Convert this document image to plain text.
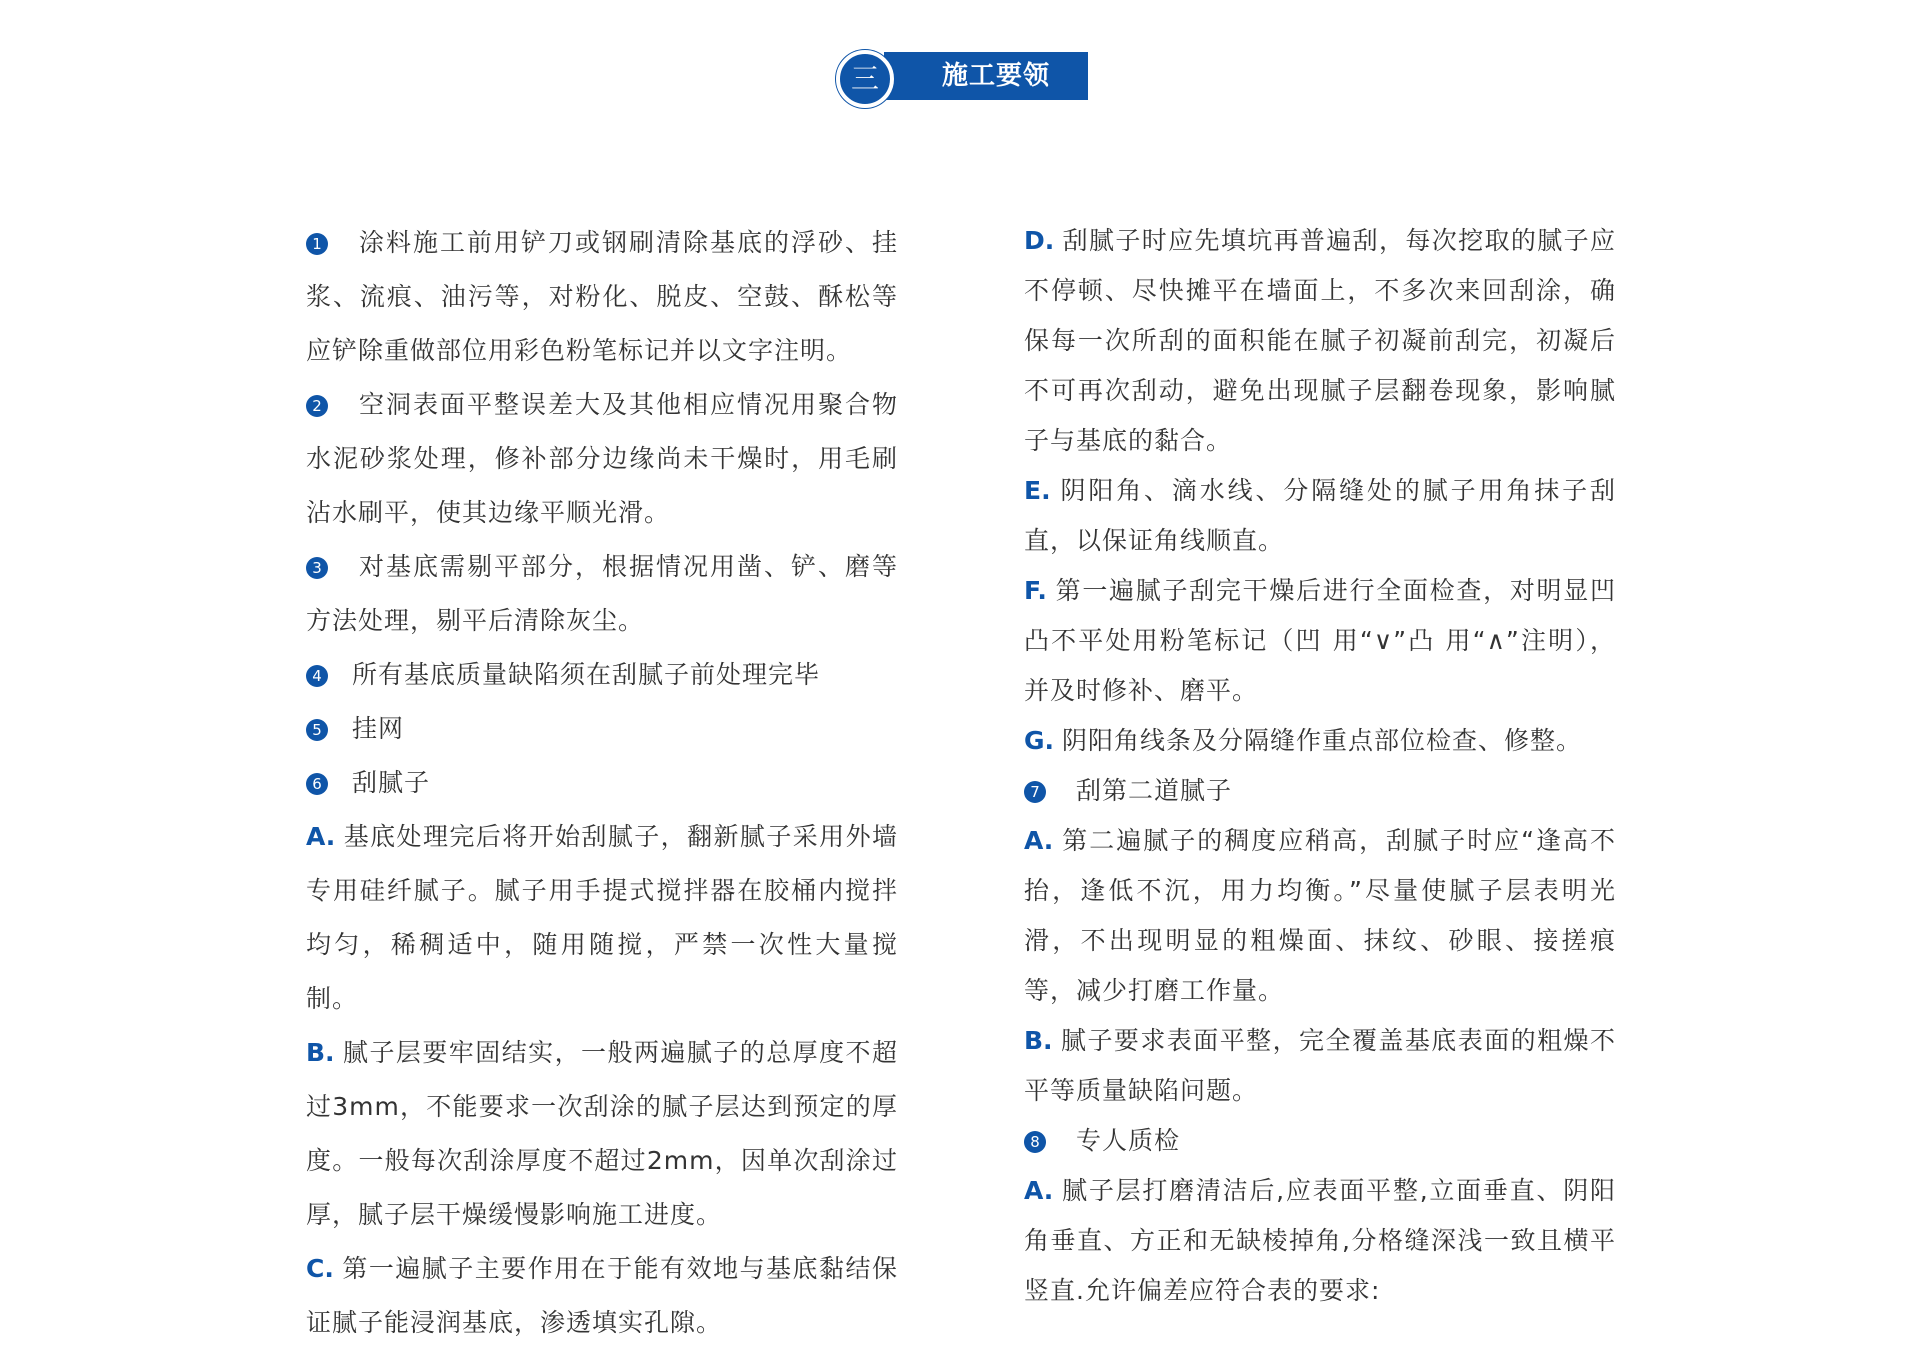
施工要领
三

1 涂料施工前用铲刀或钢刷清除基底的浮砂、挂浆、流痕、油污等，对粉化、脱皮、空鼓、酥松等应铲除重做部位用彩色粉笔标记并以文字注明。

2 空洞表面平整误差大及其他相应情况用聚合物水泥砂浆处理，修补部分边缘尚未干燥时，用毛刷沾水刷平，使其边缘平顺光滑。

3 对基底需剔平部分，根据情况用凿、铲、磨等方法处理，剔平后清除灰尘。

4 所有基底质量缺陷须在刮腻子前处理完毕

5 挂网

6 刮腻子

A. 基底处理完后将开始刮腻子，翻新腻子采用外墙专用硅纤腻子。腻子用手提式搅拌器在胶桶内搅拌均匀，稀稠适中，随用随搅，严禁一次性大量搅制。

B. 腻子层要牢固结实，一般两遍腻子的总厚度不超过3mm，不能要求一次刮涂的腻子层达到预定的厚度。一般每次刮涂厚度不超过2mm，因单次刮涂过厚，腻子层干燥缓慢影响施工进度。

C. 第一遍腻子主要作用在于能有效地与基底黏结保证腻子能浸润基底，渗透填实孔隙。

D. 刮腻子时应先填坑再普遍刮，每次挖取的腻子应不停顿、尽快摊平在墙面上，不多次来回刮涂，确保每一次所刮的面积能在腻子初凝前刮完，初凝后不可再次刮动，避免出现腻子层翻卷现象，影响腻子与基底的黏合。

E. 阴阳角、滴水线、分隔缝处的腻子用角抹子刮直，以保证角线顺直。

F. 第一遍腻子刮完干燥后进行全面检查，对明显凹凸不平处用粉笔标记（凹 用“∨”凸 用“∧”注明），并及时修补、磨平。

G. 阴阳角线条及分隔缝作重点部位检查、修整。

7 刮第二道腻子

A. 第二遍腻子的稠度应稍高，刮腻子时应“逢高不抬，逢低不沉，用力均衡。”尽量使腻子层表明光滑，不出现明显的粗燥面、抹纹、砂眼、接搓痕等，减少打磨工作量。

B. 腻子要求表面平整，完全覆盖基底表面的粗燥不平等质量缺陷问题。

8 专人质检

A. 腻子层打磨清洁后,应表面平整,立面垂直、阴阳角垂直、方正和无缺棱掉角,分格缝深浅一致且横平竖直.允许偏差应符合表的要求:
